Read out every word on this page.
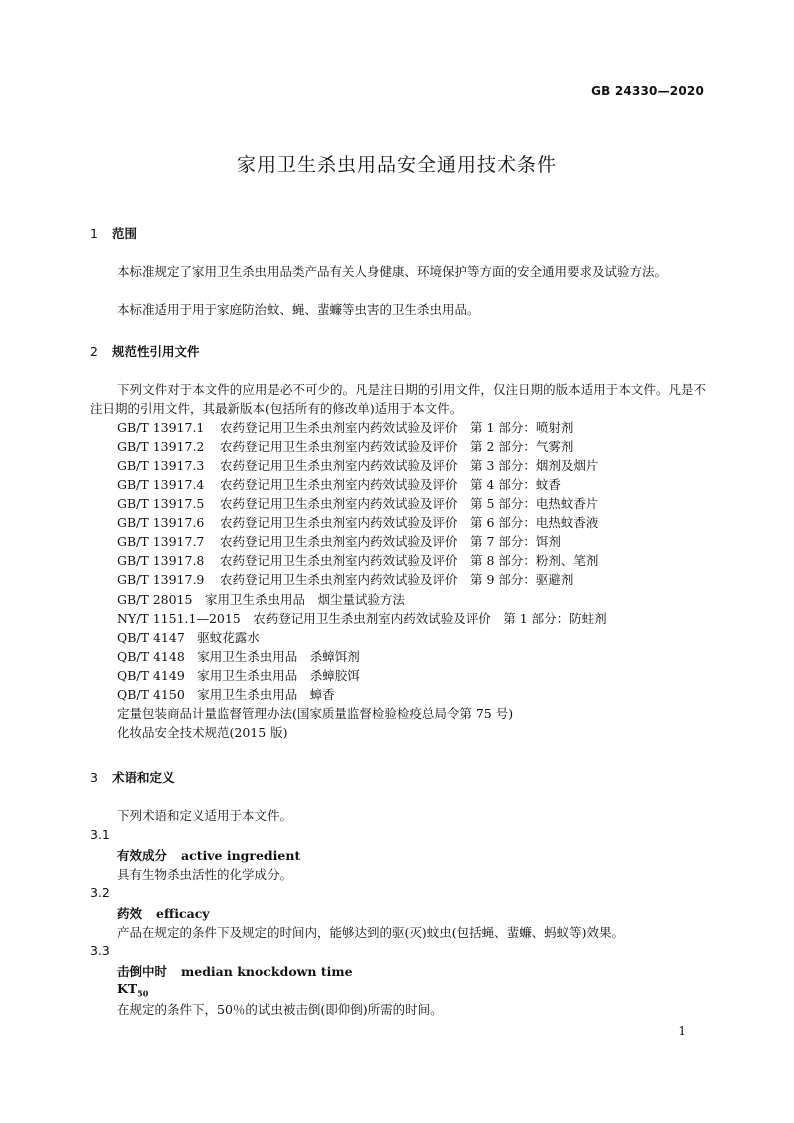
GB 24330—2020
家用卫生杀虫用品安全通用技术条件
1 范围
本标准规定了家用卫生杀虫用品类产品有关人身健康、环境保护等方面的安全通用要求及试验方法。
本标准适用于用于家庭防治蚊、蝇、蜚蠊等虫害的卫生杀虫用品。
2 规范性引用文件
下列文件对于本文件的应用是必不可少的。凡是注日期的引用文件，仅注日期的版本适用于本文件。凡是不注日期的引用文件，其最新版本(包括所有的修改单)适用于本文件。
GB/T 13917.1 农药登记用卫生杀虫剂室内药效试验及评价　第 1 部分：喷射剂
GB/T 13917.2 农药登记用卫生杀虫剂室内药效试验及评价　第 2 部分：气雾剂
GB/T 13917.3 农药登记用卫生杀虫剂室内药效试验及评价　第 3 部分：烟剂及烟片
GB/T 13917.4 农药登记用卫生杀虫剂室内药效试验及评价　第 4 部分：蚊香
GB/T 13917.5 农药登记用卫生杀虫剂室内药效试验及评价　第 5 部分：电热蚊香片
GB/T 13917.6 农药登记用卫生杀虫剂室内药效试验及评价　第 6 部分：电热蚊香液
GB/T 13917.7 农药登记用卫生杀虫剂室内药效试验及评价　第 7 部分：饵剂
GB/T 13917.8 农药登记用卫生杀虫剂室内药效试验及评价　第 8 部分：粉剂、笔剂
GB/T 13917.9 农药登记用卫生杀虫剂室内药效试验及评价　第 9 部分：驱避剂
GB/T 28015　家用卫生杀虫用品　烟尘量试验方法
NY/T 1151.1—2015　农药登记用卫生杀虫剂室内药效试验及评价　第 1 部分：防蛀剂
QB/T 4147　驱蚊花露水
QB/T 4148　家用卫生杀虫用品　杀蟑饵剂
QB/T 4149　家用卫生杀虫用品　杀蟑胶饵
QB/T 4150　家用卫生杀虫用品　蟑香
定量包装商品计量监督管理办法(国家质量监督检验检疫总局令第 75 号)
化妆品安全技术规范(2015 版)
3 术语和定义
下列术语和定义适用于本文件。
3.1
有效成分 active ingredient
具有生物杀虫活性的化学成分。
3.2
药效 efficacy
产品在规定的条件下及规定的时间内，能够达到的驱(灭)蚊虫(包括蝇、蜚蠊、蚂蚁等)效果。
3.3
击倒中时 median knockdown time
$KT_{50}$
在规定的条件下，50％的试虫被击倒(即仰倒)所需的时间。
1
